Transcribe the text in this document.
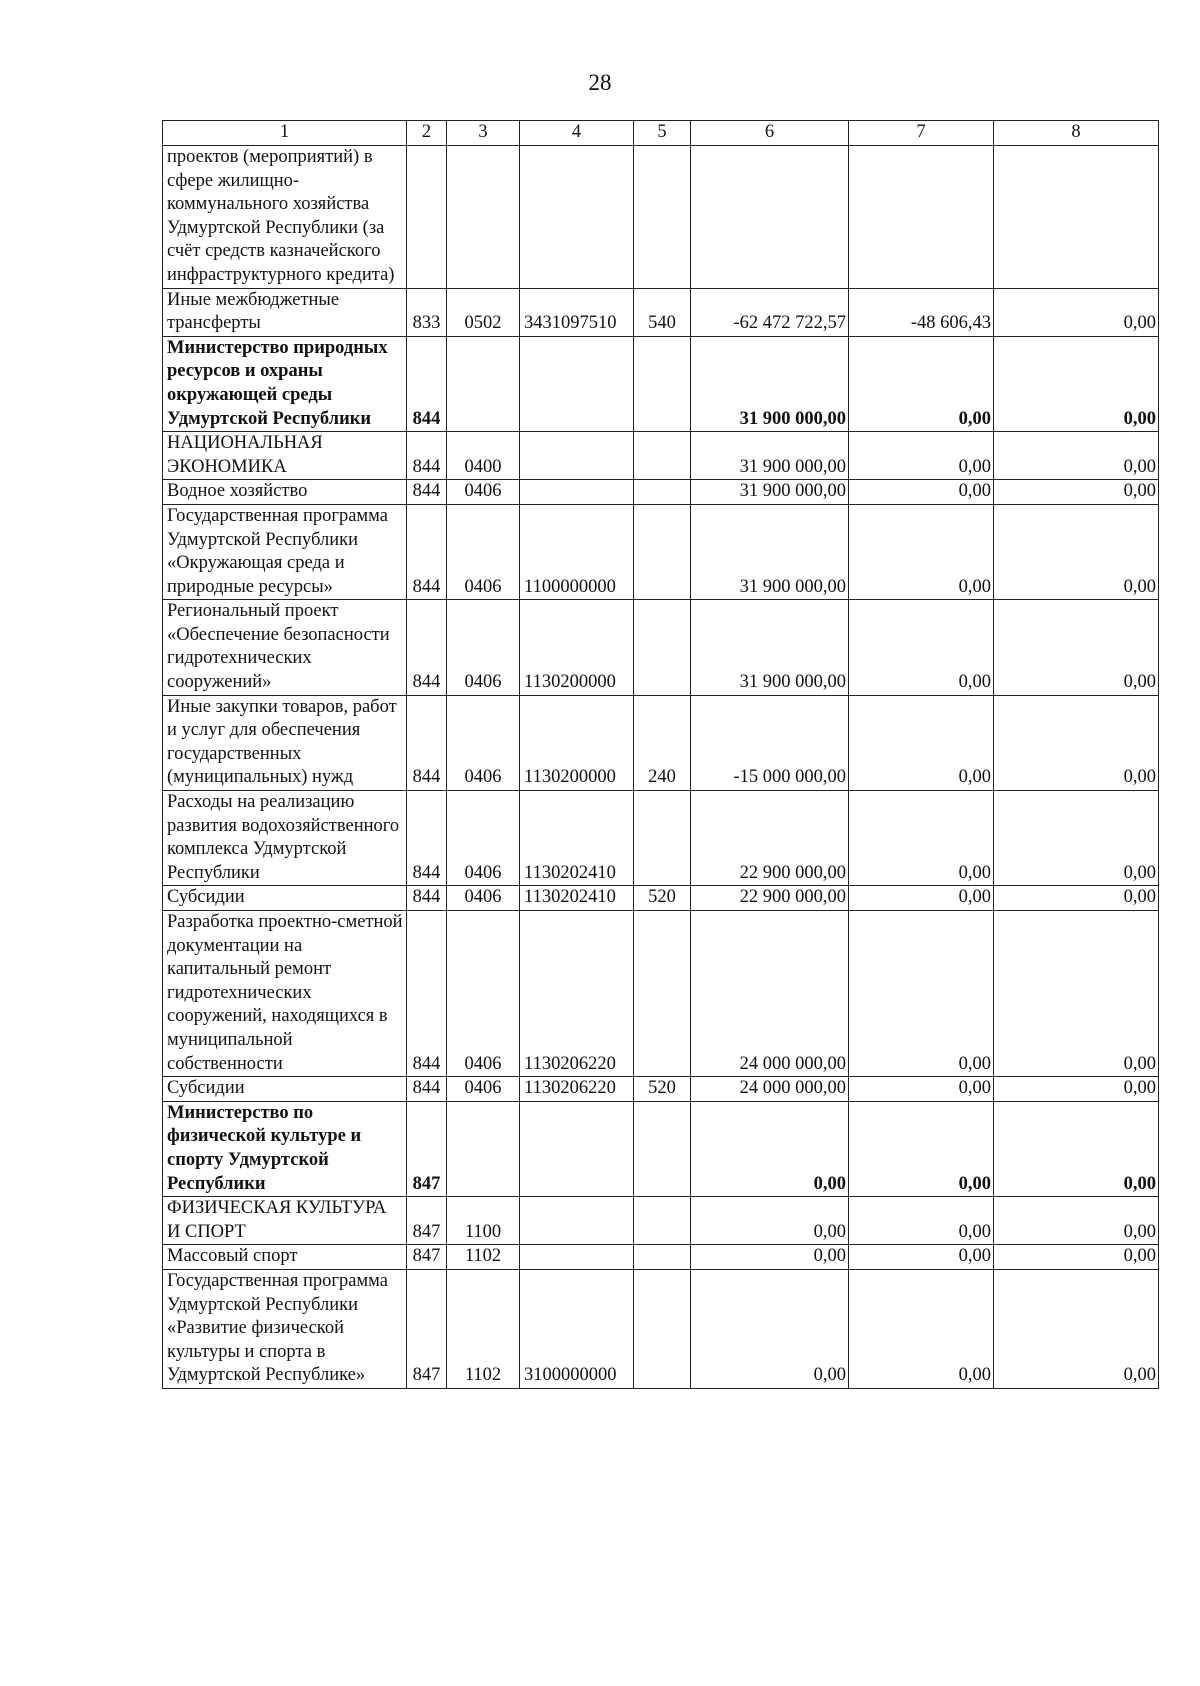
28
1	2	3	4	5	6	7	8
проектов (мероприятий) в сфере жилищно-коммунального хозяйства Удмуртской Республики (за счёт средств казначейского инфраструктурного кредита)							
Иные межбюджетные трансферты	833	0502	3431097510	540	-62 472 722,57	-48 606,43	0,00
Министерство природных ресурсов и охраны окружающей среды Удмуртской Республики	844				31 900 000,00	0,00	0,00
НАЦИОНАЛЬНАЯ ЭКОНОМИКА	844	0400			31 900 000,00	0,00	0,00
Водное хозяйство	844	0406			31 900 000,00	0,00	0,00
Государственная программа Удмуртской Республики «Окружающая среда и природные ресурсы»	844	0406	1100000000		31 900 000,00	0,00	0,00
Региональный проект «Обеспечение безопасности гидротехнических сооружений»	844	0406	1130200000		31 900 000,00	0,00	0,00
Иные закупки товаров, работ и услуг для обеспечения государственных (муниципальных) нужд	844	0406	1130200000	240	-15 000 000,00	0,00	0,00
Расходы на реализацию развития водохозяйственного комплекса Удмуртской Республики	844	0406	1130202410		22 900 000,00	0,00	0,00
Субсидии	844	0406	1130202410	520	22 900 000,00	0,00	0,00
Разработка проектно-сметной документации на капитальный ремонт гидротехнических сооружений, находящихся в муниципальной собственности	844	0406	1130206220		24 000 000,00	0,00	0,00
Субсидии	844	0406	1130206220	520	24 000 000,00	0,00	0,00
Министерство по физической культуре и спорту Удмуртской Республики	847				0,00	0,00	0,00
ФИЗИЧЕСКАЯ КУЛЬТУРА И СПОРТ	847	1100			0,00	0,00	0,00
Массовый спорт	847	1102			0,00	0,00	0,00
Государственная программа Удмуртской Республики «Развитие физической культуры и спорта в Удмуртской Республике»	847	1102	3100000000		0,00	0,00	0,00
